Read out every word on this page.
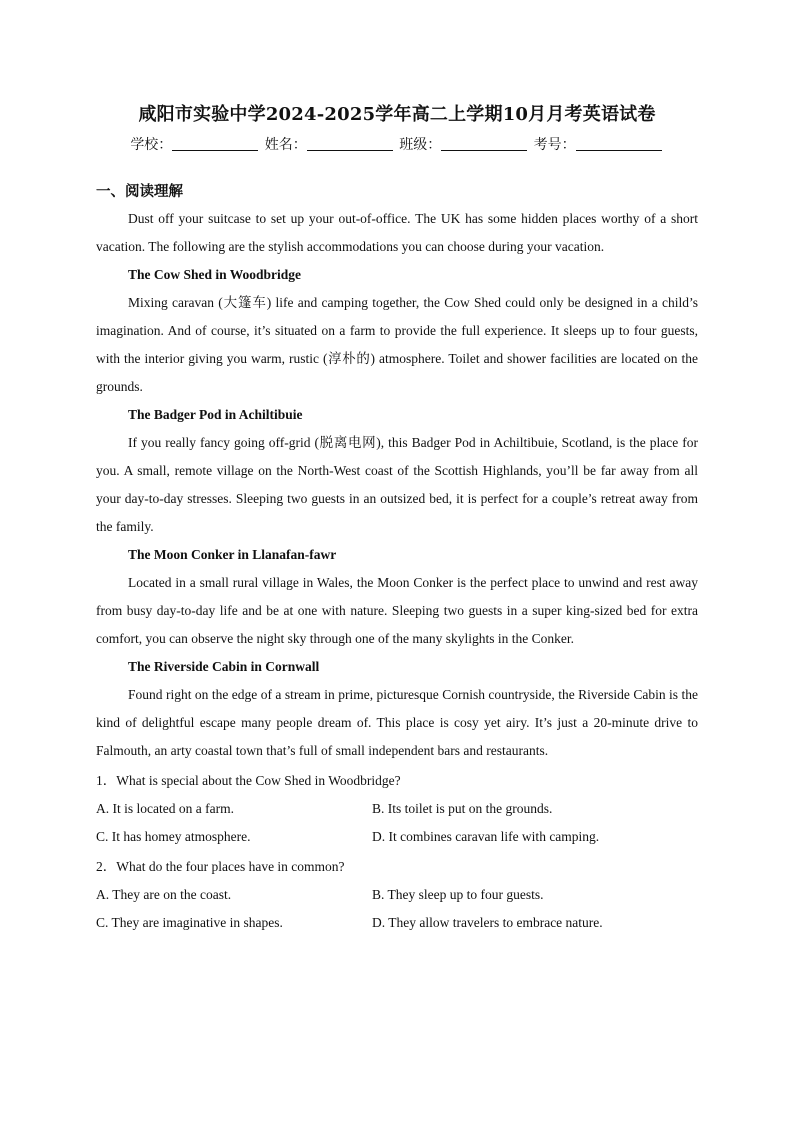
咸阳市实验中学2024-2025学年高二上学期10月月考英语试卷
学校：	姓名：	班级：	考号：
一、阅读理解

Dust off your suitcase to set up your out-of-office. The UK has some hidden places worthy of a short vacation. The following are the stylish accommodations you can choose during your vacation.

The Cow Shed in Woodbridge

Mixing caravan (大篷车) life and camping together, the Cow Shed could only be designed in a child’s imagination. And of course, it’s situated on a farm to provide the full experience. It sleeps up to four guests, with the interior giving you warm, rustic (淳朴的) atmosphere. Toilet and shower facilities are located on the grounds.

The Badger Pod in Achiltibuie

If you really fancy going off-grid (脱离电网), this Badger Pod in Achiltibuie, Scotland, is the place for you. A small, remote village on the North-West coast of the Scottish Highlands, you’ll be far away from all your day-to-day stresses. Sleeping two guests in an outsized bed, it is perfect for a couple’s retreat away from the family.

The Moon Conker in Llanafan-fawr

Located in a small rural village in Wales, the Moon Conker is the perfect place to unwind and rest away from busy day-to-day life and be at one with nature. Sleeping two guests in a super king-sized bed for extra comfort, you can observe the night sky through one of the many skylights in the Conker.

The Riverside Cabin in Cornwall

Found right on the edge of a stream in prime, picturesque Cornish countryside, the Riverside Cabin is the kind of delightful escape many people dream of. This place is cosy yet airy. It’s just a 20-minute drive to Falmouth, an arty coastal town that’s full of small independent bars and restaurants.

1．What is special about the Cow Shed in Woodbridge?

A. It is located on a farm.	B. Its toilet is put on the grounds.
C. It has homey atmosphere.	D. It combines caravan life with camping.

2．What do the four places have in common?

A. They are on the coast.	B. They sleep up to four guests.
C. They are imaginative in shapes.	D. They allow travelers to embrace nature.
